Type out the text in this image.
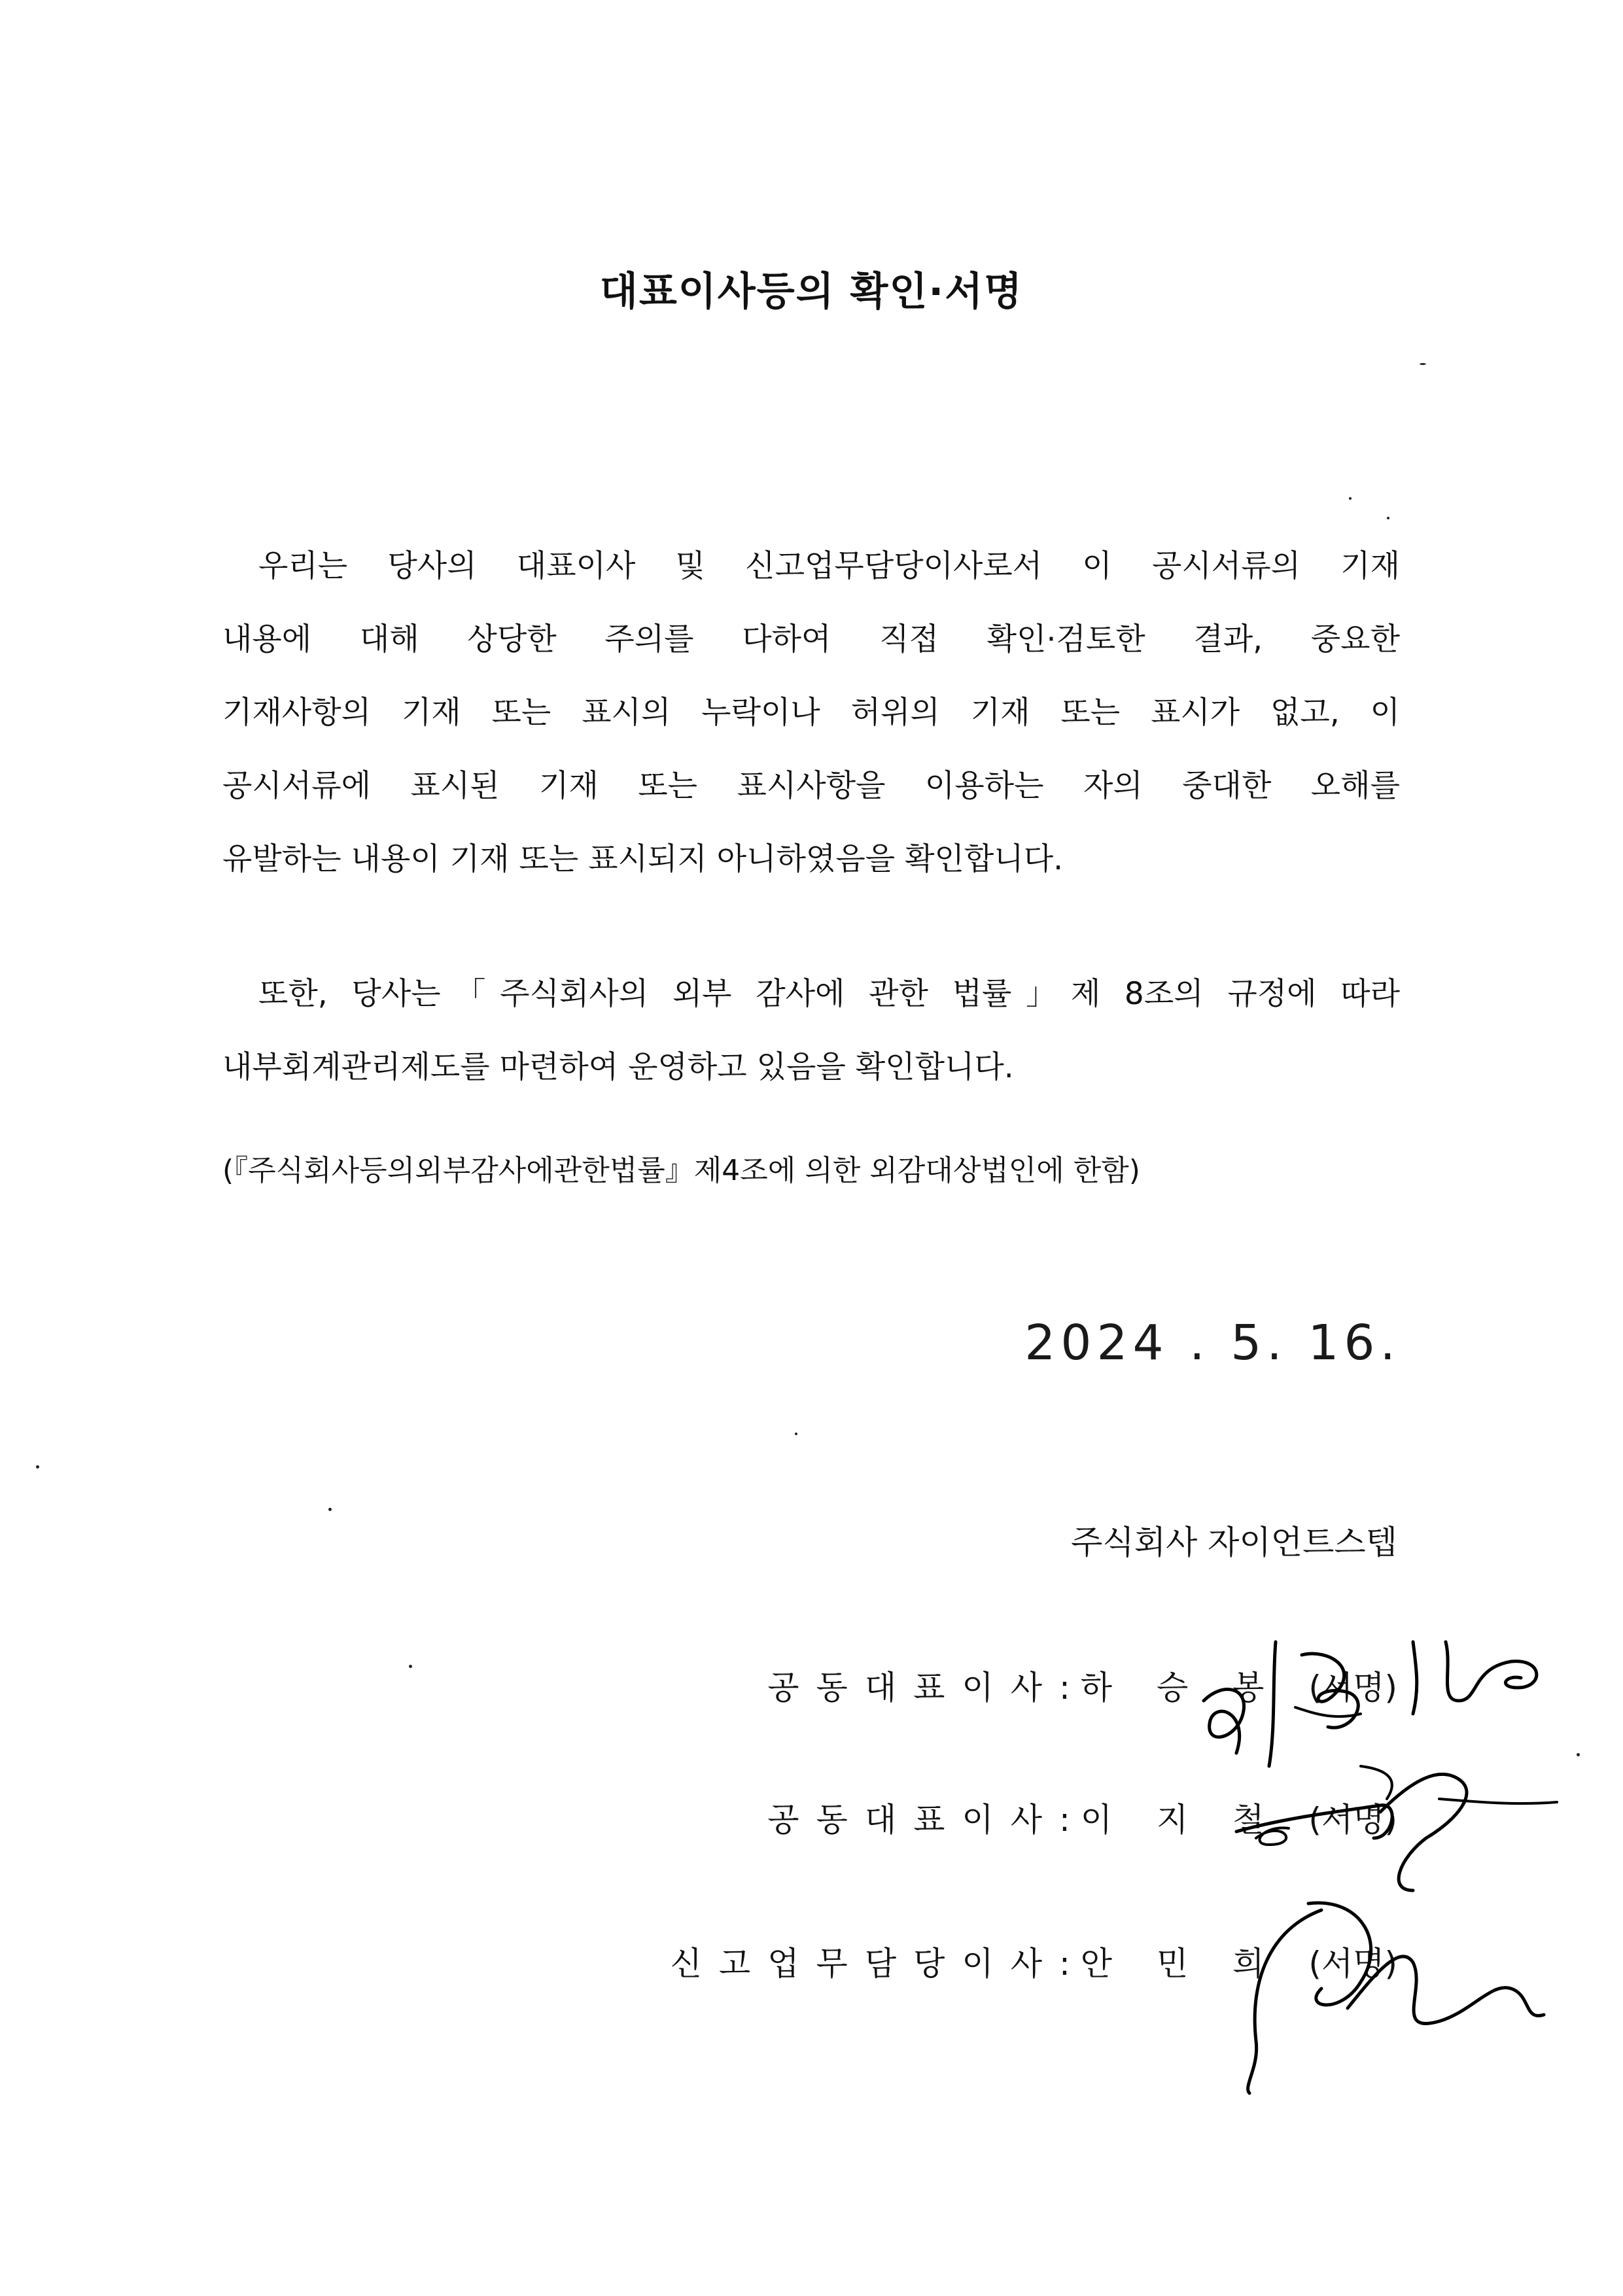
대표이사등의 확인·서명
우리는 당사의 대표이사 및 신고업무담당이사로서 이 공시서류의 기재
내용에 대해 상당한 주의를 다하여 직접 확인·검토한 결과, 중요한
기재사항의 기재 또는 표시의 누락이나 허위의 기재 또는 표시가 없고, 이
공시서류에 표시된 기재 또는 표시사항을 이용하는 자의 중대한 오해를
유발하는 내용이 기재 또는 표시되지 아니하였음을 확인합니다.
또한, 당사는「주식회사의 외부 감사에 관한 법률」제 8조의 규정에 따라
내부회계관리제도를 마련하여 운영하고 있음을 확인합니다.
(『주식회사등의외부감사에관한법률』제4조에 의한 외감대상법인에 한함)
2024 . 5. 16.
주식회사 자이언트스텝
공동대표이사: 하 승 봉 (서명)
공동대표이사: 이 지 철 (서명)
신고업무담당이사: 안 민 희 (서명)
